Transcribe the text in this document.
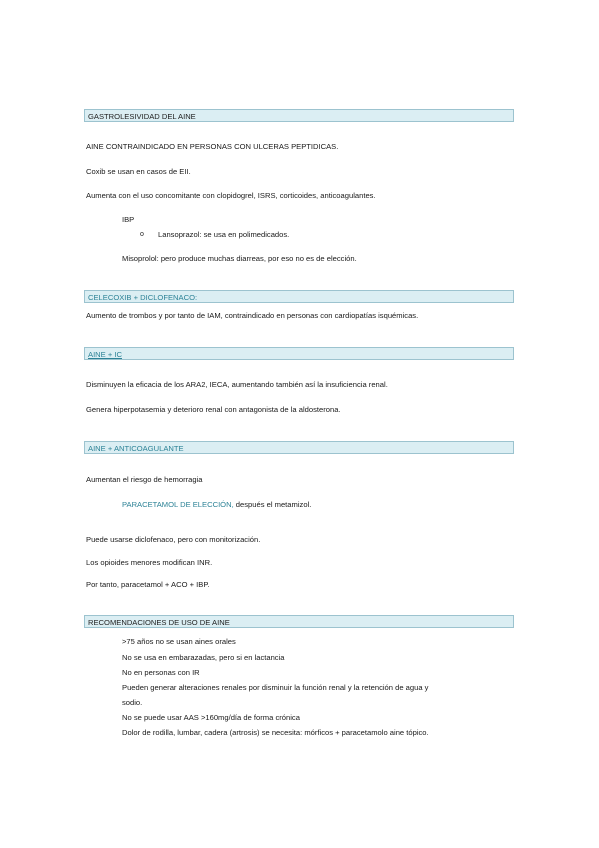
GASTROLESIVIDAD DEL AINE
AINE CONTRAINDICADO EN PERSONAS CON ULCERAS PEPTIDICAS.
Coxib se usan en casos de EII.
Aumenta con el uso concomitante con clopidogrel, ISRS, corticoides, anticoagulantes.
IBP
o Lansoprazol: se usa en polimedicados.
Misoprolol: pero produce muchas diarreas, por eso no es de elección.
CELECOXIB + DICLOFENACO:
Aumento de trombos y por tanto de IAM, contraindicado en personas con cardiopatías isquémicas.
AINE + IC
Disminuyen la eficacia de los ARA2, IECA, aumentando también así la insuficiencia renal.
Genera hiperpotasemia y deterioro renal con antagonista de la aldosterona.
AINE + ANTICOAGULANTE
Aumentan el riesgo de hemorragia
PARACETAMOL DE ELECCIÓN, después el metamizol.
Puede usarse diclofenaco, pero con monitorización.
Los opioides menores modifican INR.
Por tanto, paracetamol + ACO + IBP.
RECOMENDACIONES DE USO DE AINE
>75 años no se usan aines orales
No se usa en embarazadas, pero si en lactancia
No en personas con IR
Pueden generar alteraciones renales por disminuir la función renal y la retención de agua y
sodio.
No se puede usar AAS >160mg/día de forma crónica
Dolor de rodilla, lumbar, cadera (artrosis) se necesita: mórficos + paracetamolo aine tópico.
